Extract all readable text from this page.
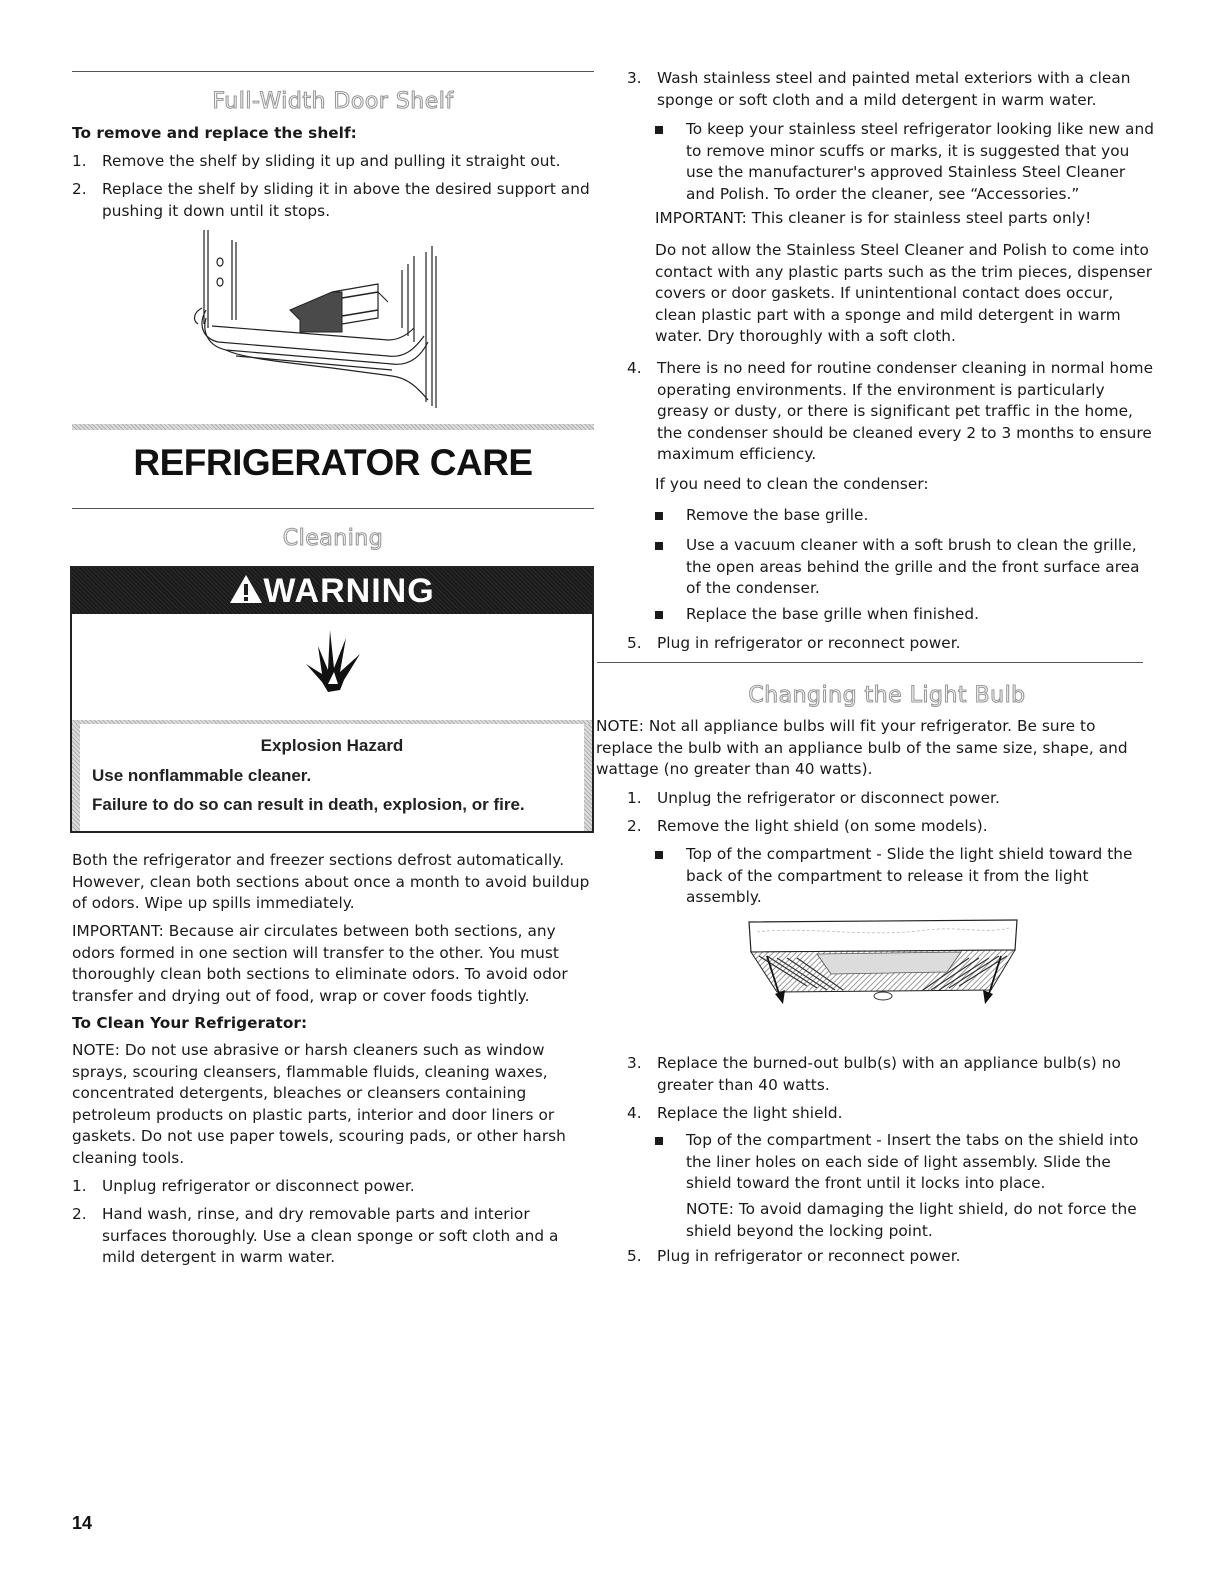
Full-Width Door Shelf

To remove and replace the shelf:

1. Remove the shelf by sliding it up and pulling it straight out.
2. Replace the shelf by sliding it in above the desired support and pushing it down until it stops.
REFRIGERATOR CARE
Cleaning
WARNING
Explosion Hazard
Use nonflammable cleaner.
Failure to do so can result in death, explosion, or fire.

Both the refrigerator and freezer sections defrost automatically. However, clean both sections about once a month to avoid buildup of odors. Wipe up spills immediately.

IMPORTANT: Because air circulates between both sections, any odors formed in one section will transfer to the other. You must thoroughly clean both sections to eliminate odors. To avoid odor transfer and drying out of food, wrap or cover foods tightly.

To Clean Your Refrigerator:

NOTE: Do not use abrasive or harsh cleaners such as window sprays, scouring cleansers, flammable fluids, cleaning waxes, concentrated detergents, bleaches or cleansers containing petroleum products on plastic parts, interior and door liners or gaskets. Do not use paper towels, scouring pads, or other harsh cleaning tools.

1. Unplug refrigerator or disconnect power.
2. Hand wash, rinse, and dry removable parts and interior surfaces thoroughly. Use a clean sponge or soft cloth and a mild detergent in warm water.
14
3. Wash stainless steel and painted metal exteriors with a clean sponge or soft cloth and a mild detergent in warm water.
To keep your stainless steel refrigerator looking like new and to remove minor scuffs or marks, it is suggested that you use the manufacturer's approved Stainless Steel Cleaner and Polish. To order the cleaner, see “Accessories.”

IMPORTANT: This cleaner is for stainless steel parts only!

Do not allow the Stainless Steel Cleaner and Polish to come into contact with any plastic parts such as the trim pieces, dispenser covers or door gaskets. If unintentional contact does occur, clean plastic part with a sponge and mild detergent in warm water. Dry thoroughly with a soft cloth.

4. There is no need for routine condenser cleaning in normal home operating environments. If the environment is particularly greasy or dusty, or there is significant pet traffic in the home, the condenser should be cleaned every 2 to 3 months to ensure maximum efficiency.

If you need to clean the condenser:

Remove the base grille.
Use a vacuum cleaner with a soft brush to clean the grille, the open areas behind the grille and the front surface area of the condenser.
Replace the base grille when finished.
5. Plug in refrigerator or reconnect power.
Changing the Light Bulb

NOTE: Not all appliance bulbs will fit your refrigerator. Be sure to replace the bulb with an appliance bulb of the same size, shape, and wattage (no greater than 40 watts).

1. Unplug the refrigerator or disconnect power.
2. Remove the light shield (on some models).
Top of the compartment - Slide the light shield toward the back of the compartment to release it from the light assembly.
3. Replace the burned-out bulb(s) with an appliance bulb(s) no greater than 40 watts.
4. Replace the light shield.
Top of the compartment - Insert the tabs on the shield into the liner holes on each side of light assembly. Slide the shield toward the front until it locks into place.

NOTE: To avoid damaging the light shield, do not force the shield beyond the locking point.

5. Plug in refrigerator or reconnect power.
